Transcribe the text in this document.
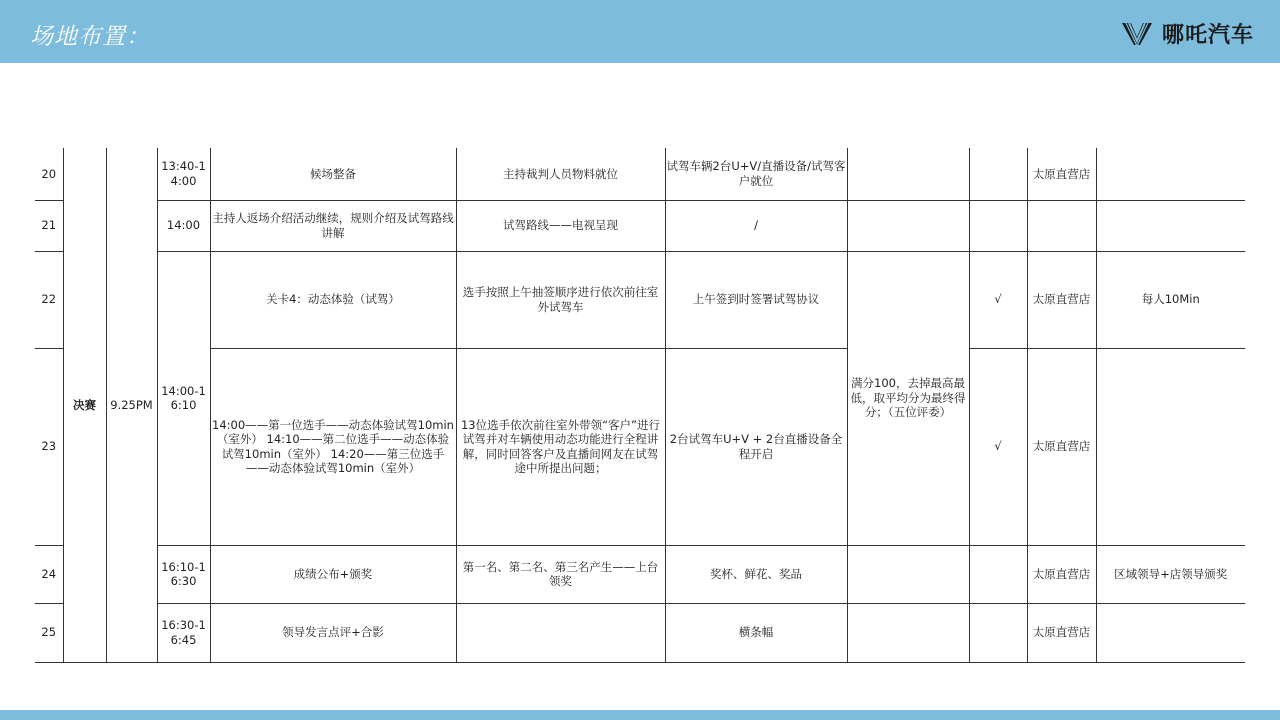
场地布置：	哪吒汽车
20	决赛	9.25PM	13:40-14:00	候场整备	主持裁判人员物料就位	试驾车辆2台U+V/直播设备/试驾客户就位			太原直营店	
21			14:00	主持人返场介绍活动继续，规则介绍及试驾路线讲解	试驾路线——电视呈现	/				
22			14:00-16:10	关卡4：动态体验（试驾）	选手按照上午抽签顺序进行依次前往室外试驾车	上午签到时签署试驾协议	满分100，去掉最高最低，取平均分为最终得分；（五位评委）	√	太原直营店	每人10Min
23				14:00——第一位选手——动态体验试驾10min（室外） 14:10——第二位选手——动态体验试驾10min（室外） 14:20——第三位选手——动态体验试驾10min（室外）	13位选手依次前往室外带领“客户”进行试驾并对车辆使用动态功能进行全程讲解，同时回答客户及直播间网友在试驾途中所提出问题；	2台试驾车U+V + 2台直播设备全程开启		√	太原直营店	
24			16:10-16:30	成绩公布+颁奖	第一名、第二名、第三名产生——上台领奖	奖杯、鲜花、奖品			太原直营店	区域领导+店领导颁奖
25			16:30-16:45	领导发言点评+合影		横条幅			太原直营店	
